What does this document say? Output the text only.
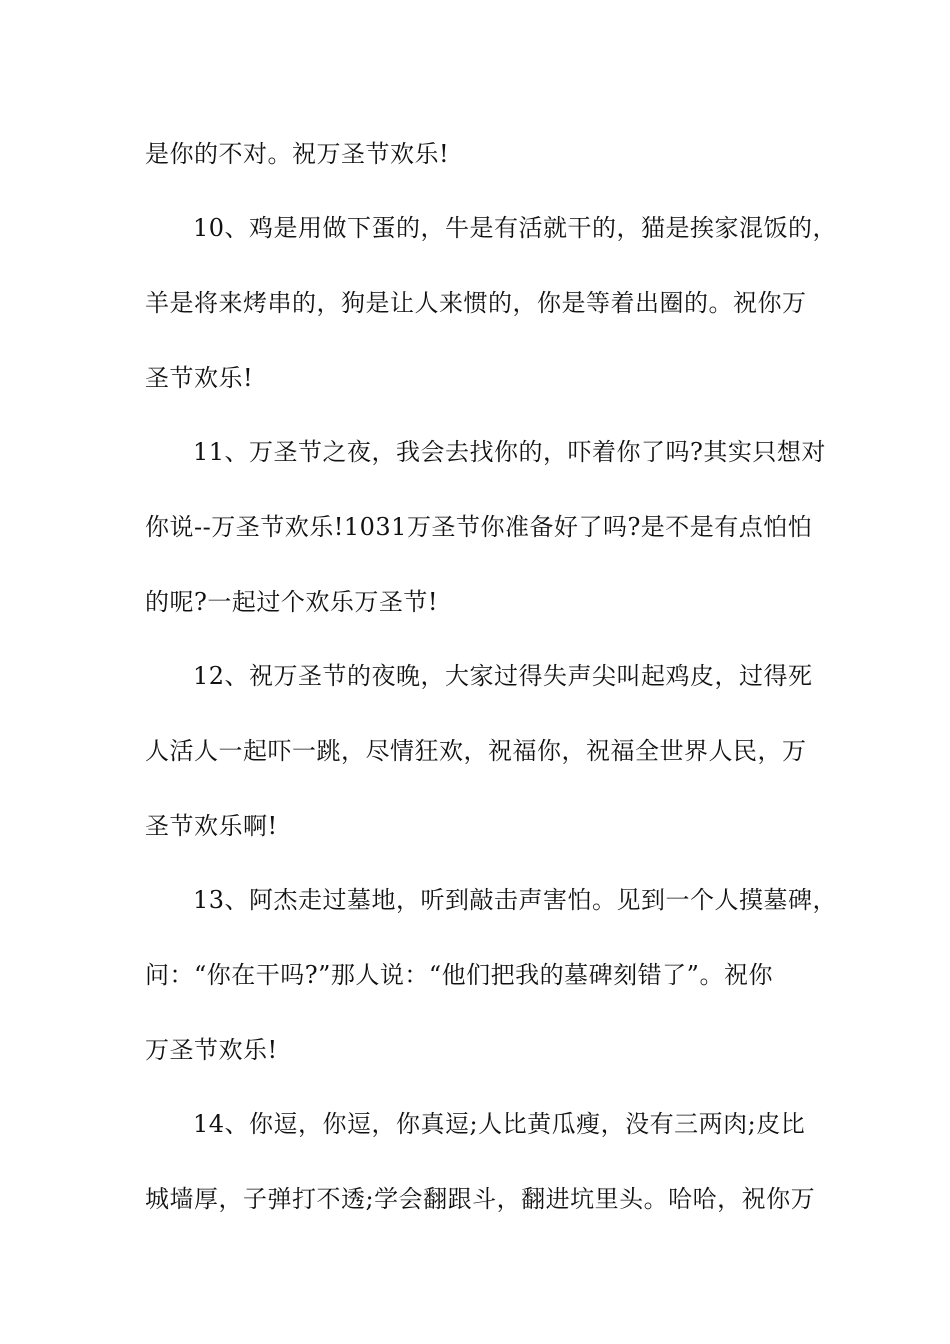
是你的不对。祝万圣节欢乐!
10、鸡是用做下蛋的，牛是有活就干的，猫是挨家混饭的，
羊是将来烤串的，狗是让人来惯的，你是等着出圈的。祝你万
圣节欢乐!
11、万圣节之夜，我会去找你的，吓着你了吗?其实只想对
你说--万圣节欢乐!1031万圣节你准备好了吗?是不是有点怕怕
的呢?一起过个欢乐万圣节!
12、祝万圣节的夜晚，大家过得失声尖叫起鸡皮，过得死
人活人一起吓一跳，尽情狂欢，祝福你，祝福全世界人民，万
圣节欢乐啊!
13、阿杰走过墓地，听到敲击声害怕。见到一个人摸墓碑，
问：“你在干吗?”那人说：“他们把我的墓碑刻错了”。祝你
万圣节欢乐!
14、你逗，你逗，你真逗;人比黄瓜瘦，没有三两肉;皮比
城墙厚，子弹打不透;学会翻跟斗，翻进坑里头。哈哈，祝你万
